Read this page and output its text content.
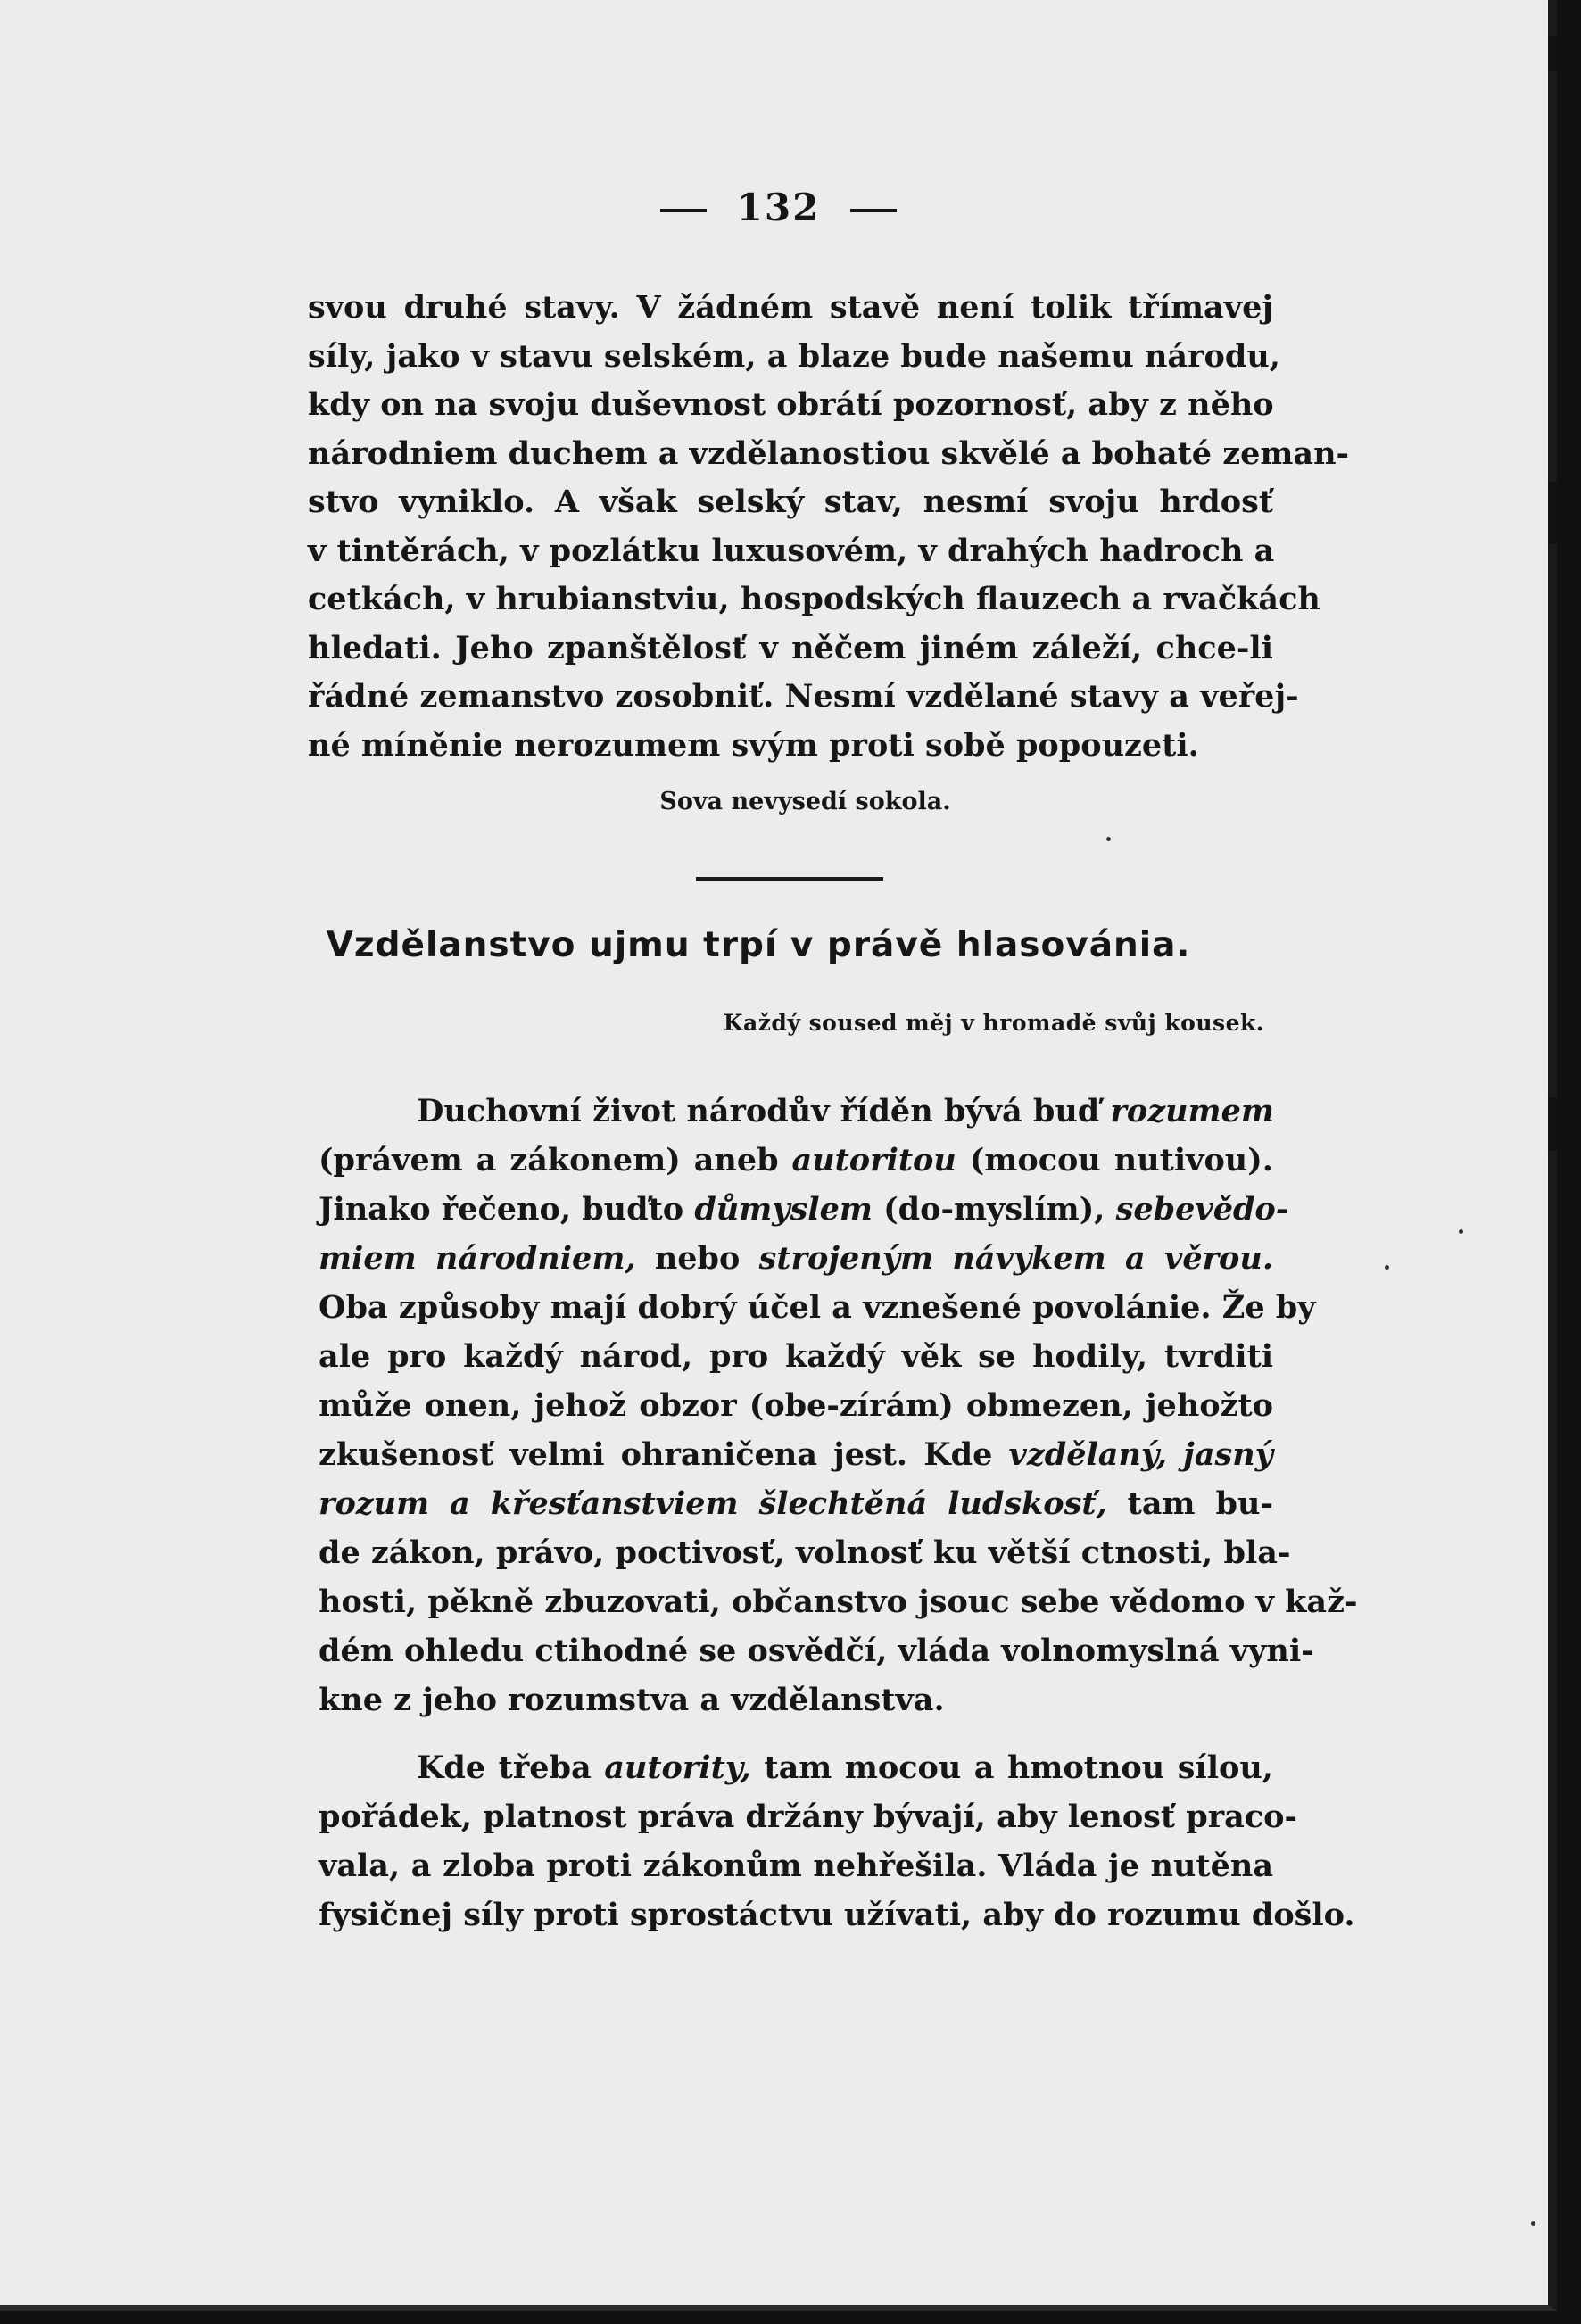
132
svou druhé stavy. V žádném stavě není tolik třímavej
síly, jako v stavu selském, a blaze bude našemu národu,
kdy on na svoju duševnost obrátí pozornosť, aby z něho
národniem duchem a vzdělanostiou skvělé a bohaté zeman-
stvo vyniklo. A však selský stav, nesmí svoju hrdosť
v tintěrách, v pozlátku luxusovém, v drahých hadroch a
cetkách, v hrubianstviu, hospodských flauzech a rvačkách
hledati. Jeho zpanštělosť v něčem jiném záleží, chce-li
řádné zemanstvo zosobniť. Nesmí vzdělané stavy a veřej-
né míněnie nerozumem svým proti sobě popouzeti.
Sova nevysedí sokola.
Vzdělanstvo ujmu trpí v právě hlasovánia.
Každý soused měj v hromadě svůj kousek.
Duchovní život národův říděn bývá buď rozumem
(právem a zákonem) aneb autoritou (mocou nutivou).
Jinako řečeno, buďto důmyslem (do-myslím), sebevědo-
miem národniem, nebo strojeným návykem a věrou.
Oba způsoby mají dobrý účel a vznešené povolánie. Že by
ale pro každý národ, pro každý věk se hodily, tvrditi
může onen, jehož obzor (obe-zírám) obmezen, jehožto
zkušenosť velmi ohraničena jest. Kde vzdělaný, jasný
rozum a křesťanstviem šlechtěná ludskosť, tam bu-
de zákon, právo, poctivosť, volnosť ku větší ctnosti, bla-
hosti, pěkně zbuzovati, občanstvo jsouc sebe vědomo v kaž-
dém ohledu ctihodné se osvědčí, vláda volnomyslná vyni-
kne z jeho rozumstva a vzdělanstva.
Kde třeba autority, tam mocou a hmotnou sílou,
pořádek, platnost práva držány bývají, aby lenosť praco-
vala, a zloba proti zákonům nehřešila. Vláda je nutěna
fysičnej síly proti sprostáctvu užívati, aby do rozumu došlo.
